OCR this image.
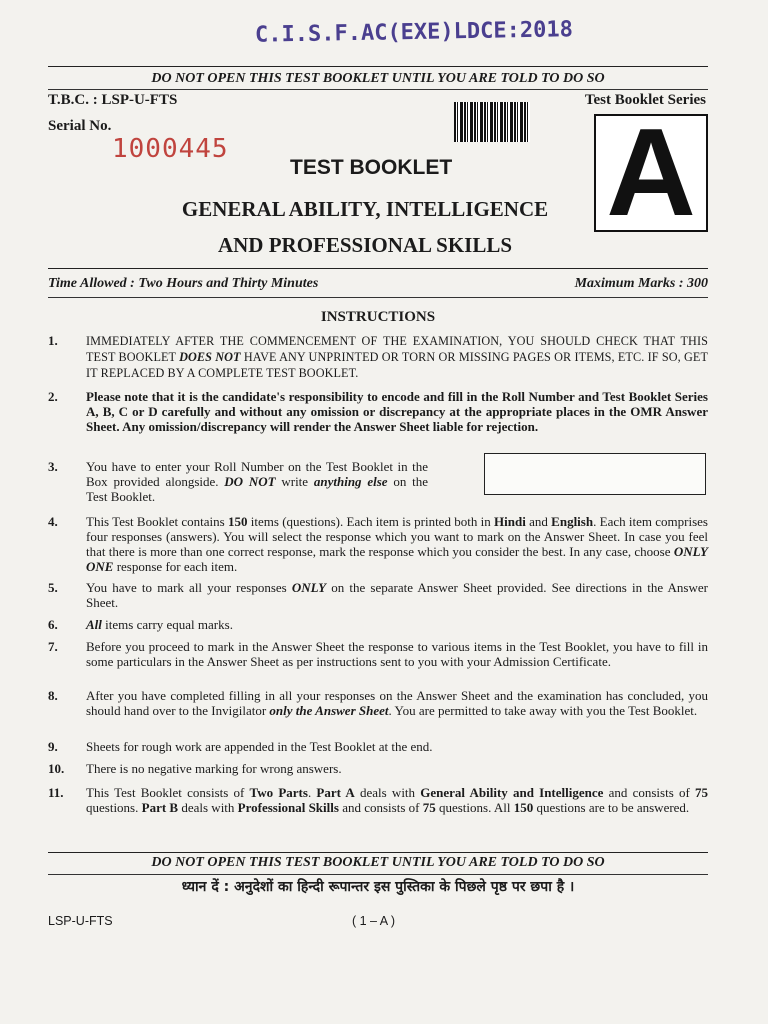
C.I.S.F.AC(EXE)LDCE:2018
DO NOT OPEN THIS TEST BOOKLET UNTIL YOU ARE TOLD TO DO SO
T.B.C. : LSP-U-FTS	Test Booklet Series
Serial No.
1000445	A
TEST BOOKLET
GENERAL ABILITY, INTELLIGENCE
AND PROFESSIONAL SKILLS
Time Allowed : Two Hours and Thirty Minutes	Maximum Marks : 300
INSTRUCTIONS
1. IMMEDIATELY AFTER THE COMMENCEMENT OF THE EXAMINATION, YOU SHOULD CHECK THAT THIS TEST BOOKLET DOES NOT HAVE ANY UNPRINTED OR TORN OR MISSING PAGES OR ITEMS, ETC. IF SO, GET IT REPLACED BY A COMPLETE TEST BOOKLET.
2. Please note that it is the candidate's responsibility to encode and fill in the Roll Number and Test Booklet Series A, B, C or D carefully and without any omission or discrepancy at the appropriate places in the OMR Answer Sheet. Any omission/discrepancy will render the Answer Sheet liable for rejection.
3. You have to enter your Roll Number on the Test Booklet in the Box provided alongside. DO NOT write anything else on the Test Booklet.
4. This Test Booklet contains 150 items (questions). Each item is printed both in Hindi and English. Each item comprises four responses (answers). You will select the response which you want to mark on the Answer Sheet. In case you feel that there is more than one correct response, mark the response which you consider the best. In any case, choose ONLY ONE response for each item.
5. You have to mark all your responses ONLY on the separate Answer Sheet provided. See directions in the Answer Sheet.
6. All items carry equal marks.
7. Before you proceed to mark in the Answer Sheet the response to various items in the Test Booklet, you have to fill in some particulars in the Answer Sheet as per instructions sent to you with your Admission Certificate.
8. After you have completed filling in all your responses on the Answer Sheet and the examination has concluded, you should hand over to the Invigilator only the Answer Sheet. You are permitted to take away with you the Test Booklet.
9. Sheets for rough work are appended in the Test Booklet at the end.
10. There is no negative marking for wrong answers.
11. This Test Booklet consists of Two Parts. Part A deals with General Ability and Intelligence and consists of 75 questions. Part B deals with Professional Skills and consists of 75 questions. All 150 questions are to be answered.
DO NOT OPEN THIS TEST BOOKLET UNTIL YOU ARE TOLD TO DO SO
ध्यान दें : अनुदेशों का हिन्दी रूपान्तर इस पुस्तिका के पिछले पृष्ठ पर छपा है ।
LSP-U-FTS	( 1 – A )
